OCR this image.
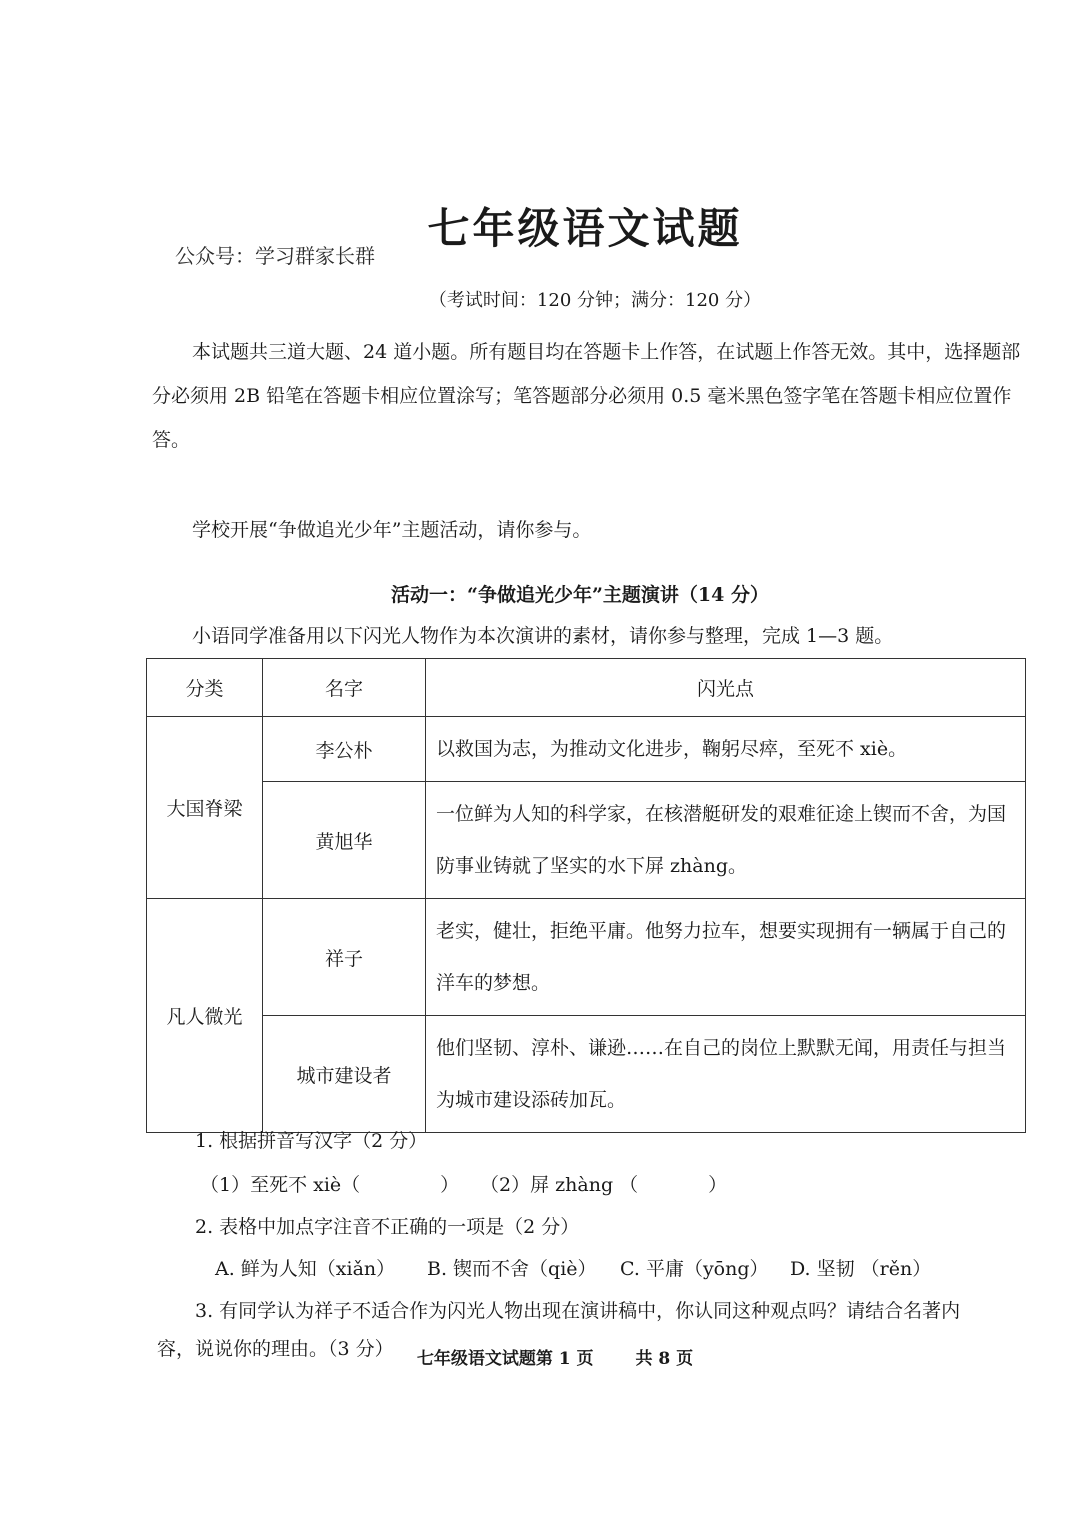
公众号：学习群家长群
七年级语文试题
（考试时间：120 分钟；满分：120 分）
本试题共三道大题、24 道小题。所有题目均在答题卡上作答，在试题上作答无效。其中，选择题部分必须用 2B 铅笔在答题卡相应位置涂写；笔答题部分必须用 0.5 毫米黑色签字笔在答题卡相应位置作答。
学校开展“争做追光少年”主题活动，请你参与。
活动一：“争做追光少年”主题演讲（14 分）
小语同学准备用以下闪光人物作为本次演讲的素材，请你参与整理，完成 1—3 题。
分类	名字	闪光点
大国脊梁	李公朴	以救国为志，为推动文化进步，鞠躬尽瘁，至死不 xiè。
	黄旭华	一位鲜为人知的科学家，在核潜艇研发的艰难征途上锲而不舍，为国防事业铸就了坚实的水下屏 zhàng。
凡人微光	祥子	老实，健壮，拒绝平庸。他努力拉车，想要实现拥有一辆属于自己的洋车的梦想。
	城市建设者	他们坚韧、淳朴、谦逊……在自己的岗位上默默无闻，用责任与担当为城市建设添砖加瓦。
1. 根据拼音写汉字（2 分）
（1）至死不 xiè（	） （2）屏 zhàng （	）
2. 表格中加点字注音不正确的一项是（2 分）
A. 鲜为人知（xiǎn） B. 锲而不舍（qiè） C. 平庸（yōng） D. 坚韧 （rěn）
3. 有同学认为祥子不适合作为闪光人物出现在演讲稿中，你认同这种观点吗？请结合名著内
容，说说你的理由。（3 分）	七年级语文试题第 1 页 共 8 页
